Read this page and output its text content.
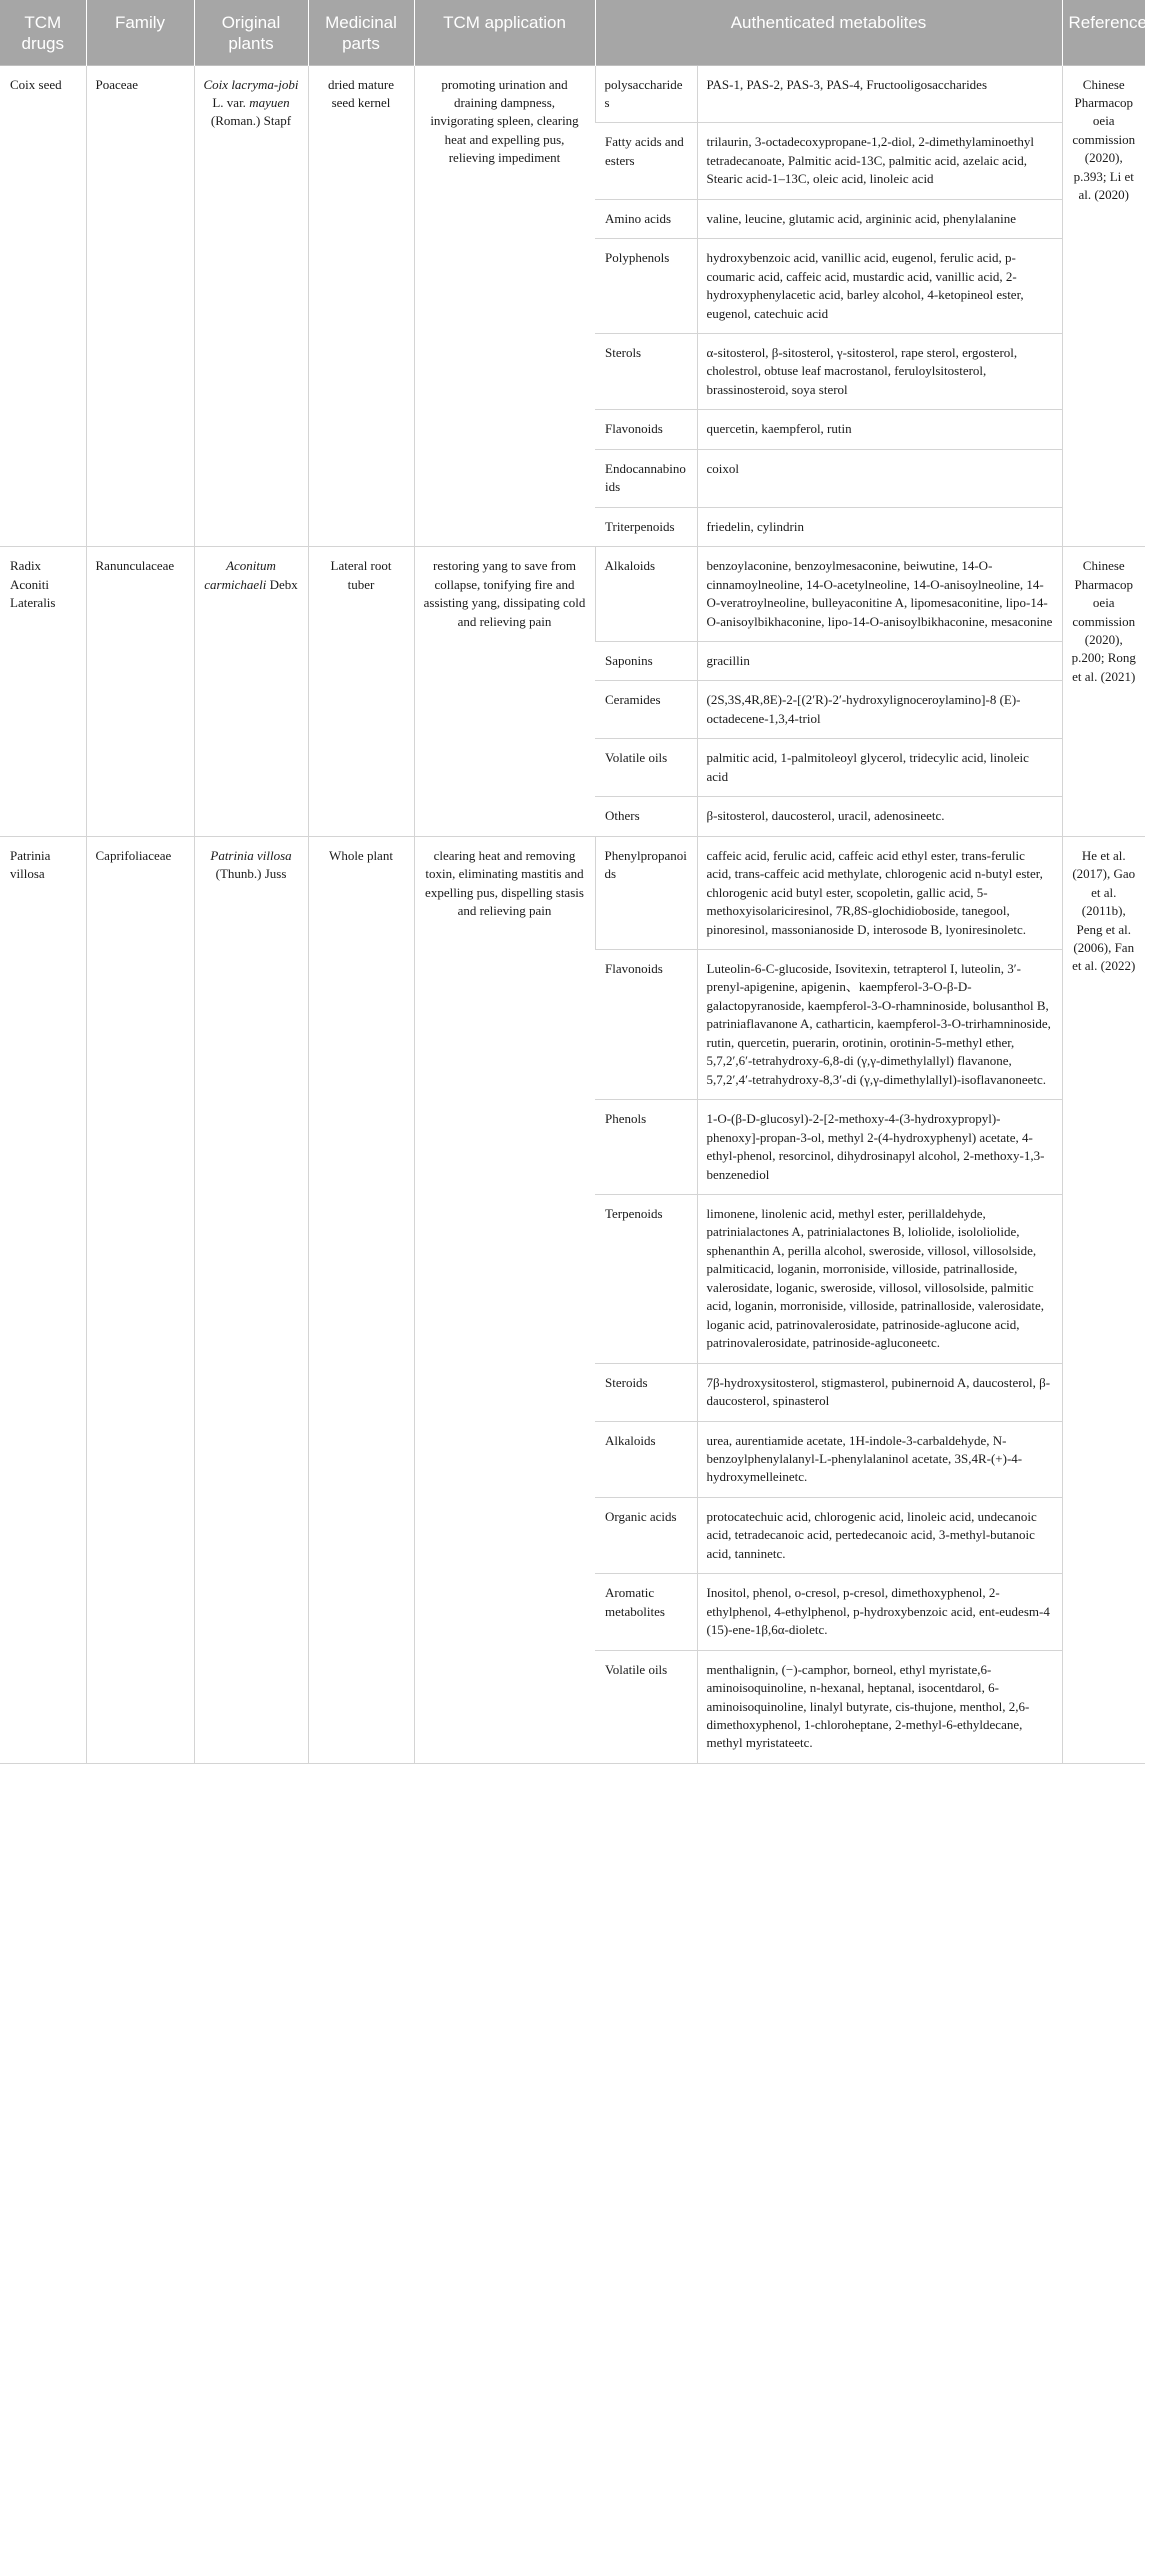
TCM drugs	Family	Original plants	Medicinal parts	TCM application	Authenticated metabolites		References
Coix seed	Poaceae	Coix lacryma-jobi L. var. mayuen (Roman.) Stapf	dried mature seed kernel	promoting urination and draining dampness, invigorating spleen, clearing heat and expelling pus, relieving impediment	polysaccharides	PAS-1, PAS-2, PAS-3, PAS-4, Fructooligosaccharides	Chinese Pharmacopoeia commission (2020), p.393; Li et al. (2020)
					Fatty acids and esters	trilaurin, 3-octadecoxypropane-1,2-diol, 2-dimethylaminoethyl tetradecanoate, Palmitic acid-13C, palmitic acid, azelaic acid, Stearic acid-1–13C, oleic acid, linoleic acid	
					Amino acids	valine, leucine, glutamic acid, argininic acid, phenylalanine	
					Polyphenols	hydroxybenzoic acid, vanillic acid, eugenol, ferulic acid, p-coumaric acid, caffeic acid, mustardic acid, vanillic acid, 2-hydroxyphenylacetic acid, barley alcohol, 4-ketopineol ester, eugenol, catechuic acid	
					Sterols	α-sitosterol, β-sitosterol, γ-sitosterol, rape sterol, ergosterol, cholestrol, obtuse leaf macrostanol, feruloylsitosterol, brassinosteroid, soya sterol	
					Flavonoids	quercetin, kaempferol, rutin	
					Endocannabinoids	coixol	
					Triterpenoids	friedelin, cylindrin	
Radix Aconiti Lateralis	Ranunculaceae	Aconitum carmichaeli Debx	Lateral root tuber	restoring yang to save from collapse, tonifying fire and assisting yang, dissipating cold and relieving pain	Alkaloids	benzoylaconine, benzoylmesaconine, beiwutine, 14-O-cinnamoylneoline, 14-O-acetylneoline, 14-O-anisoylneoline, 14-O-veratroylneoline, bulleyaconitine A, lipomesaconitine, lipo-14-O-anisoylbikhaconine, lipo-14-O-anisoylbikhaconine, mesaconine	Chinese Pharmacopoeia commission (2020), p.200; Rong et al. (2021)
					Saponins	gracillin	
					Ceramides	(2S,3S,4R,8E)-2-[(2′R)-2′-hydroxylignoceroylamino]-8 (E)-octadecene-1,3,4-triol	
					Volatile oils	palmitic acid, 1-palmitoleoyl glycerol, tridecylic acid, linoleic acid	
					Others	β-sitosterol, daucosterol, uracil, adenosineetc.	
Patrinia villosa	Caprifoliaceae	Patrinia villosa (Thunb.) Juss	Whole plant	clearing heat and removing toxin, eliminating mastitis and expelling pus, dispelling stasis and relieving pain	Phenylpropanoids	caffeic acid, ferulic acid, caffeic acid ethyl ester, trans-ferulic acid, trans-caffeic acid methylate, chlorogenic acid n-butyl ester, chlorogenic acid butyl ester, scopoletin, gallic acid, 5-methoxyisolariciresinol, 7R,8S-glochidioboside, tanegool, pinoresinol, massonianoside D, interosode B, lyoniresinoletc.	He et al. (2017), Gao et al. (2011b), Peng et al. (2006), Fan et al. (2022)
					Flavonoids	Luteolin-6-C-glucoside, Isovitexin, tetrapterol I, luteolin, 3′-prenyl-apigenine, apigenin、kaempferol-3-O-β-D-galactopyranoside, kaempferol-3-O-rhamninoside, bolusanthol B, patriniaflavanone A, catharticin, kaempferol-3-O-trirhamninoside, rutin, quercetin, puerarin, orotinin, orotinin-5-methyl ether, 5,7,2′,6′-tetrahydroxy-6,8-di (γ,γ-dimethylallyl) flavanone, 5,7,2′,4′-tetrahydroxy-8,3′-di (γ,γ-dimethylallyl)-isoflavanoneetc.	
					Phenols	1-O-(β-D-glucosyl)-2-[2-methoxy-4-(3-hydroxypropyl)-phenoxy]-propan-3-ol, methyl 2-(4-hydroxyphenyl) acetate, 4-ethyl-phenol, resorcinol, dihydrosinapyl alcohol, 2-methoxy-1,3-benzenediol	
					Terpenoids	limonene, linolenic acid, methyl ester, perillaldehyde, patrinialactones A, patrinialactones B, loliolide, isololiolide, sphenanthin A, perilla alcohol, sweroside, villosol, villosolside, palmiticacid, loganin, morroniside, villoside, patrinalloside, valerosidate, loganic, sweroside, villosol, villosolside, palmitic acid, loganin, morroniside, villoside, patrinalloside, valerosidate, loganic acid, patrinovalerosidate, patrinoside-aglucone acid, patrinovalerosidate, patrinoside-agluconeetc.	
					Steroids	7β-hydroxysitosterol, stigmasterol, pubinernoid A, daucosterol, β-daucosterol, spinasterol	
					Alkaloids	urea, aurentiamide acetate, 1H-indole-3-carbaldehyde, N-benzoylphenylalanyl-L-phenylalaninol acetate, 3S,4R-(+)-4-hydroxymelleinetc.	
					Organic acids	protocatechuic acid, chlorogenic acid, linoleic acid, undecanoic acid, tetradecanoic acid, pertedecanoic acid, 3-methyl-butanoic acid, tanninetc.	
					Aromatic metabolites	Inositol, phenol, o-cresol, p-cresol, dimethoxyphenol, 2-ethylphenol, 4-ethylphenol, p-hydroxybenzoic acid, ent-eudesm-4 (15)-ene-1β,6α-dioletc.	
					Volatile oils	menthalignin, (−)-camphor, borneol, ethyl myristate,6-aminoisoquinoline, n-hexanal, heptanal, isocentdarol, 6-aminoisoquinoline, linalyl butyrate, cis-thujone, menthol, 2,6-dimethoxyphenol, 1-chloroheptane, 2-methyl-6-ethyldecane, methyl myristateetc.	
